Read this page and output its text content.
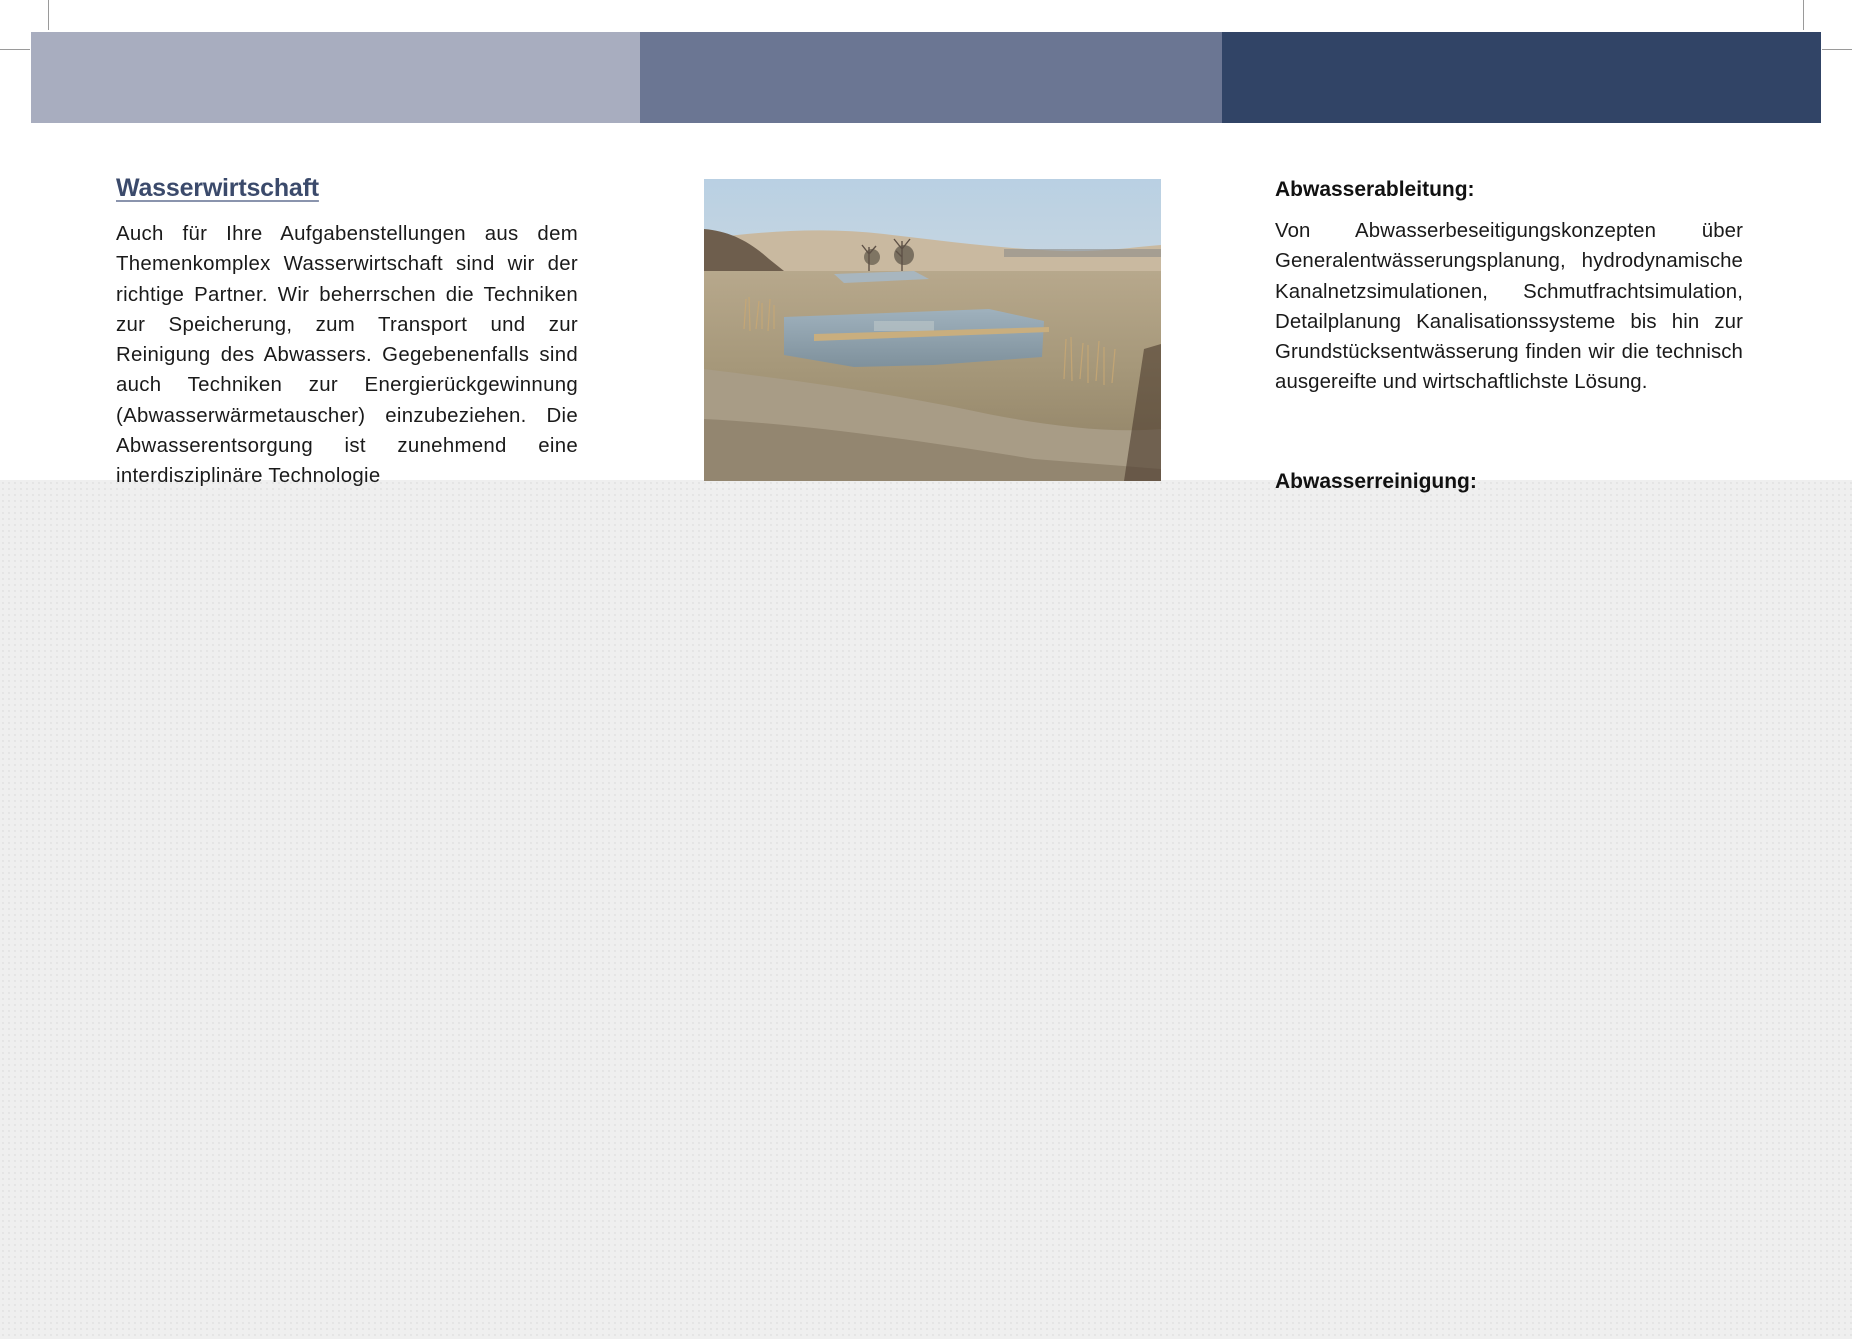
Wasserwirtschaft

Auch für Ihre Aufgabenstellungen aus dem Themenkomplex Wasserwirtschaft sind wir der richtige Partner. Wir beherrschen die Techniken zur Speicherung, zum Transport und zur Reinigung des Abwassers. Gegebenenfalls sind auch Techniken zur Energierückgewinnung (Abwasserwärmetauscher) einzubeziehen. Die Abwasserentsorgung ist zunehmend eine interdisziplinäre Technologie

Abwasserableitung:

Von Abwasserbeseitigungskonzepten über Generalentwässerungsplanung, hydrodynamische Kanalnetzsimulationen, Schmutfrachtsimulation, Detailplanung Kanalisationssysteme bis hin zur Grundstücksentwässerung finden wir die technisch ausgereifte und wirtschaftlichste Lösung.

Abwasserreinigung:
